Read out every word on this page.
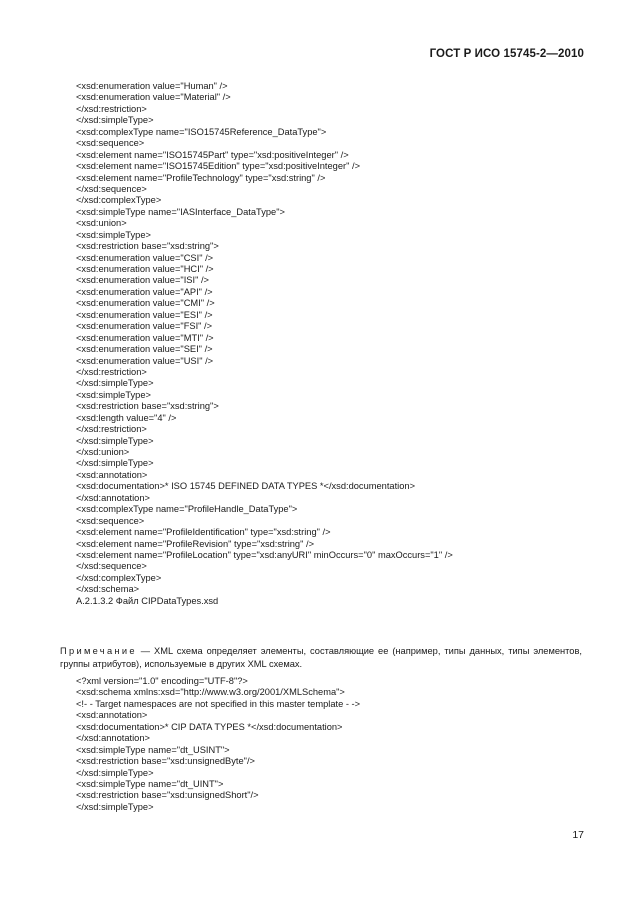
ГОСТ Р ИСО 15745-2—2010
<xsd:enumeration value="Human" />
<xsd:enumeration value="Material" />
</xsd:restriction>
</xsd:simpleType>
<xsd:complexType name="ISO15745Reference_DataType">
<xsd:sequence>
<xsd:element name="ISO15745Part" type="xsd:positiveInteger" />
<xsd:element name="ISO15745Edition" type="xsd:positiveInteger" />
<xsd:element name="ProfileTechnology" type="xsd:string" />
</xsd:sequence>
</xsd:complexType>
<xsd:simpleType name="IASInterface_DataType">
<xsd:union>
<xsd:simpleType>
<xsd:restriction base="xsd:string">
<xsd:enumeration value="CSI" />
<xsd:enumeration value="HCI" />
<xsd:enumeration value="ISI" />
<xsd:enumeration value="API" />
<xsd:enumeration value="CMI" />
<xsd:enumeration value="ESI" />
<xsd:enumeration value="FSI" />
<xsd:enumeration value="MTI" />
<xsd:enumeration value="SEI" />
<xsd:enumeration value="USI" />
</xsd:restriction>
</xsd:simpleType>
<xsd:simpleType>
<xsd:restriction base="xsd:string">
<xsd:length value="4" />
</xsd:restriction>
</xsd:simpleType>
</xsd:union>
</xsd:simpleType>
<xsd:annotation>
<xsd:documentation>* ISO 15745 DEFINED DATA TYPES *</xsd:documentation>
</xsd:annotation>
<xsd:complexType name="ProfileHandle_DataType">
<xsd:sequence>
<xsd:element name="ProfileIdentification" type="xsd:string" />
<xsd:element name="ProfileRevision" type="xsd:string" />
<xsd:element name="ProfileLocation" type="xsd:anyURI" minOccurs="0" maxOccurs="1" />
</xsd:sequence>
</xsd:complexType>
</xsd:schema>
A.2.1.3.2 Файл CIPDataTypes.xsd
Примечание — XML схема определяет элементы, составляющие ее (например, типы данных, типы элементов, группы атрибутов), используемые в других XML схемах.
<?xml version="1.0" encoding="UTF-8"?>
<xsd:schema xmlns:xsd="http://www.w3.org/2001/XMLSchema">
<!- - Target namespaces are not specified in this master template - ->
<xsd:annotation>
<xsd:documentation>* CIP DATA TYPES *</xsd:documentation>
</xsd:annotation>
<xsd:simpleType name="dt_USINT">
<xsd:restriction base="xsd:unsignedByte"/>
</xsd:simpleType>
<xsd:simpleType name="dt_UINT">
<xsd:restriction base="xsd:unsignedShort"/>
</xsd:simpleType>
17
